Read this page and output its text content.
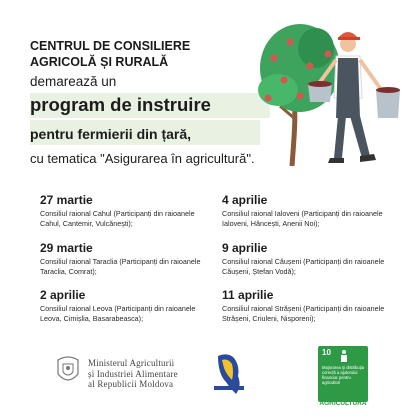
CENTRUL DE CONSILIERE
AGRICOLĂ ȘI RURALĂ
demarează un
program de instruire
pentru fermierii din țară,
cu tematica "Asigurarea în agricultură".
27 martie
Consiliul raional Cahul (Participanți din raioanele Cahul, Cantemir, Vulcănești);
4 aprilie
Consiliul raional Ialoveni (Participanți din raioanele Ialoveni, Hâncești, Anenii Noi);
29 martie
Consiliul raional Taraclia (Participanți din raioanele Taraclia, Comrat);
9 aprilie
Consiliul raional Căușeni (Participanți din raioanele Căușeni, Ștefan Vodă);
2 aprilie
Consiliul raional Leova (Participanți din raioanele Leova, Cimișlia, Basarabeasca);
11 aprilie
Consiliul raional Strășeni (Participanți din raioanele Strășeni, Criuleni, Nisporeni);
Ministerul Agriculturii
și Industriei Alimentare
al Republicii Moldova
10
Majorarea și distribuția corectă a ajutorului financiar pentru agricultori
AGRICULTURĂ
